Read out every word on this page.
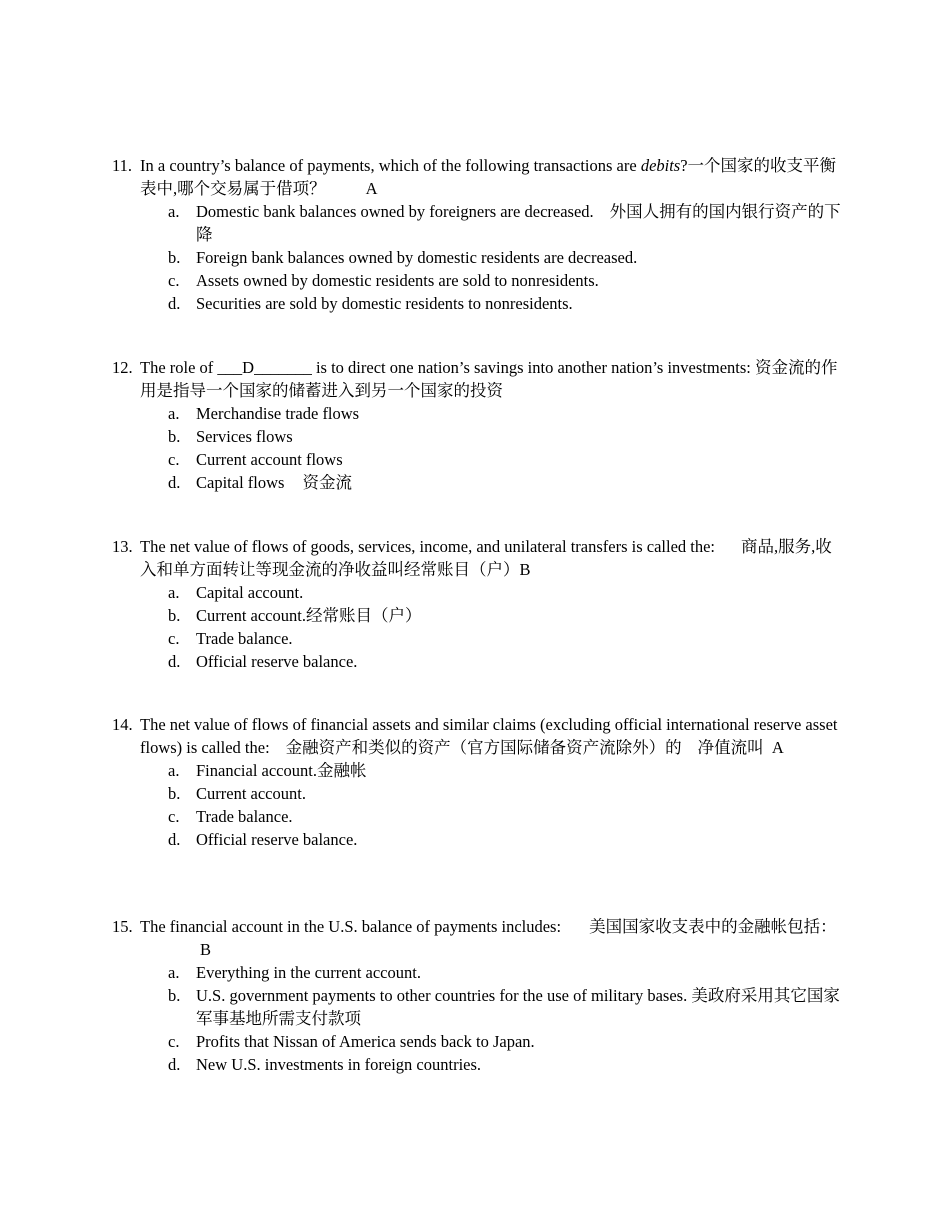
11. In a country’s balance of payments, which of the following transactions are debits?一个国家的收支平衡表中,哪个交易属于借项？ A
a. Domestic bank balances owned by foreigners are decreased. 外国人拥有的国内银行资产的下降
b. Foreign bank balances owned by domestic residents are decreased.
c. Assets owned by domestic residents are sold to nonresidents.
d. Securities are sold by domestic residents to nonresidents.
12. The role of ___D_______ is to direct one nation’s savings into another nation’s investments: 资金流的作用是指导一个国家的储蓄进入到另一个国家的投资
a. Merchandise trade flows
b. Services flows
c. Current account flows
d. Capital flows 资金流
13. The net value of flows of goods, services, income, and unilateral transfers is called the: 商品,服务,收入和单方面转让等现金流的净收益叫经常账目（户）B
a. Capital account.
b. Current account.经常账目（户）
c. Trade balance.
d. Official reserve balance.
14. The net value of flows of financial assets and similar claims (excluding official international reserve asset flows) is called the: 金融资产和类似的资产（官方国际储备资产流除外）的 净值流叫 A
a. Financial account.金融帐
b. Current account.
c. Trade balance.
d. Official reserve balance.
15. The financial account in the U.S. balance of payments includes: 美国国家收支表中的金融帐包括：B
a. Everything in the current account.
b. U.S. government payments to other countries for the use of military bases. 美政府采用其它国家军事基地所需支付款项
c. Profits that Nissan of America sends back to Japan.
d. New U.S. investments in foreign countries.
